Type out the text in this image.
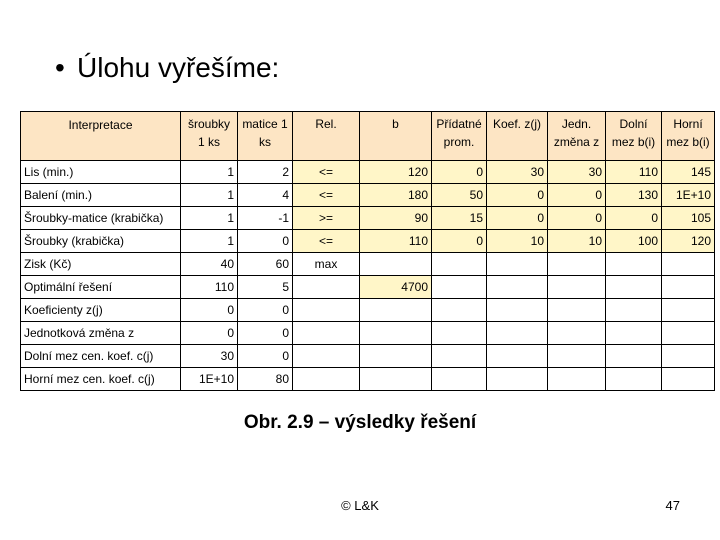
• Úlohu vyřešíme:
Interpretace	šroubky 1 ks	matice 1 ks	Rel.	b	Přídatné prom.	Koef. z(j)	Jedn. změna z	Dolní mez b(i)	Horní mez b(i)
Lis (min.)	1	2	<=	120	0	30	30	110	145
Balení (min.)	1	4	<=	180	50	0	0	130	1E+10
Šroubky-matice (krabička)	1	-1	>=	90	15	0	0	0	105
Šroubky (krabička)	1	0	<=	110	0	10	10	100	120
Zisk (Kč)	40	60	max						
Optimální řešení	110	5		4700					
Koeficienty z(j)	0	0							
Jednotková změna z	0	0							
Dolní mez cen. koef. c(j)	30	0							
Horní mez cen. koef. c(j)	1E+10	80							
Obr. 2.9 – výsledky řešení
© L&K	47
